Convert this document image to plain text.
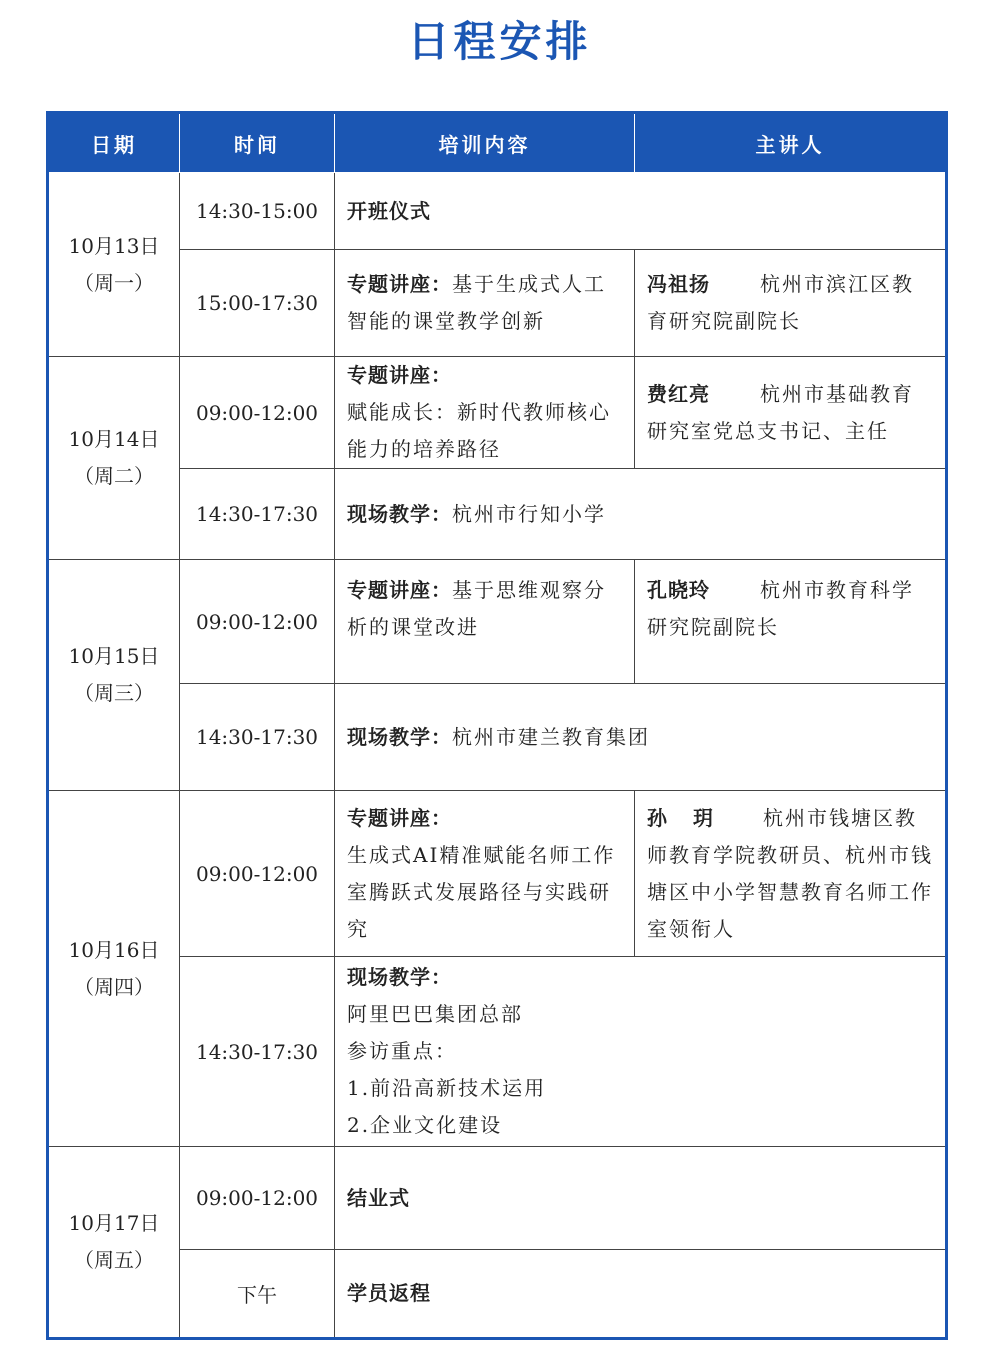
日程安排
日期	时间	培训内容	主讲人

10月13日
（周一）	14:30-15:00	开班仪式	
	15:00-17:30	专题讲座：基于生成式人工智能的课堂教学创新	冯祖扬 杭州市滨江区教育研究院副院长

10月14日
（周二）	09:00-12:00	专题讲座：
赋能成长：新时代教师核心能力的培养路径	费红亮 杭州市基础教育研究室党总支书记、主任
	14:30-17:30	现场教学：杭州市行知小学	

10月15日
（周三）	09:00-12:00	专题讲座：基于思维观察分析的课堂改进	孔晓玲 杭州市教育科学研究院副院长
	14:30-17:30	现场教学：杭州市建兰教育集团	

10月16日
（周四）	09:00-12:00	专题讲座：
生成式AI精准赋能名师工作室腾跃式发展路径与实践研究	孙玥 杭州市钱塘区教师教育学院教研员、杭州市钱塘区中小学智慧教育名师工作室领衔人
	14:30-17:30	现场教学：
阿里巴巴集团总部
参访重点：
1.前沿高新技术运用
2.企业文化建设	

10月17日
（周五）	09:00-12:00	结业式	
	下午	学员返程	
